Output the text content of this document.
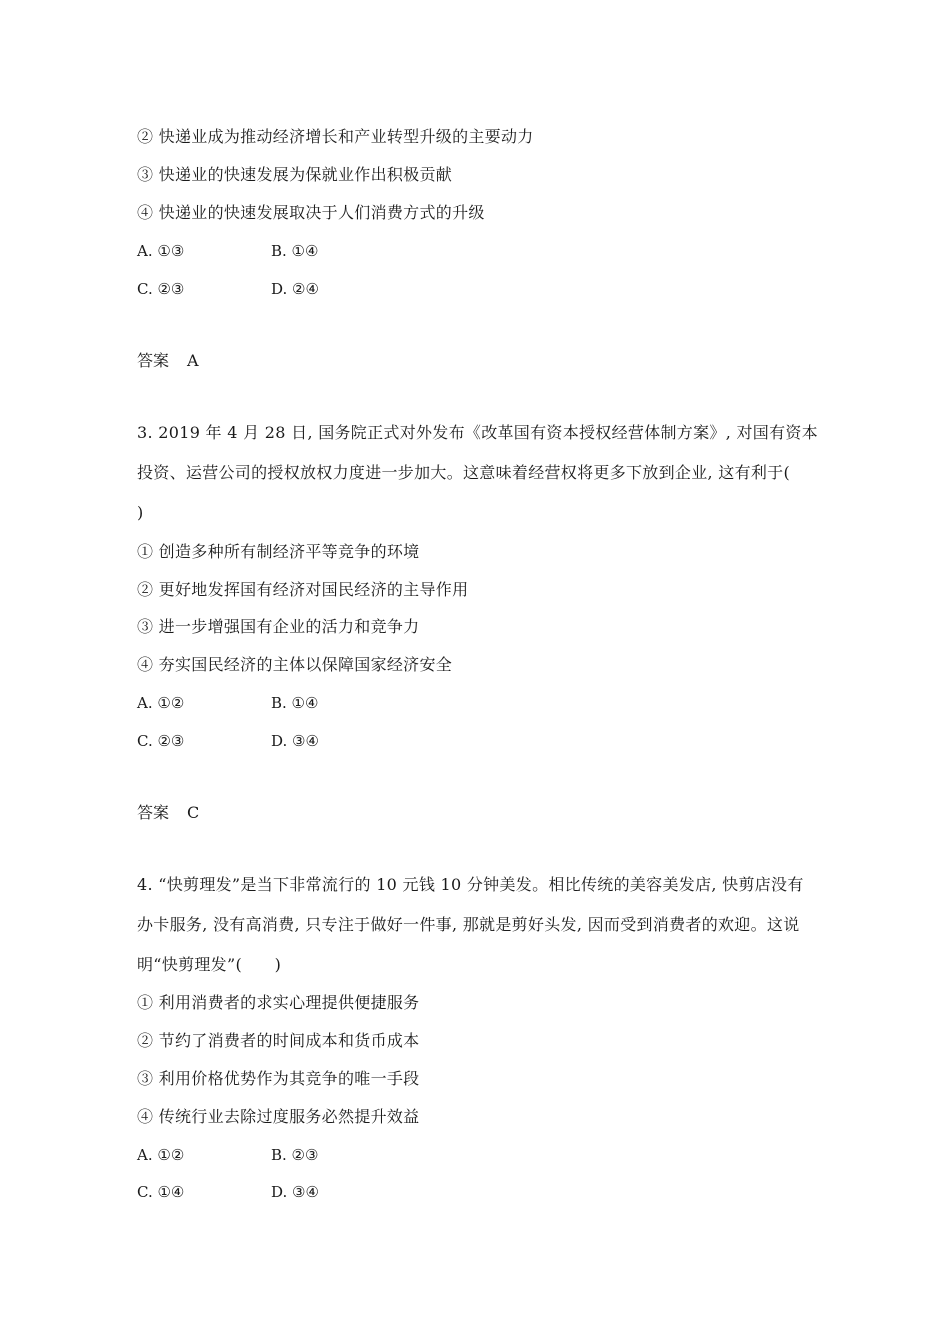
② 快递业成为推动经济增长和产业转型升级的主要动力
③ 快递业的快速发展为保就业作出积极贡献
④ 快递业的快速发展取决于人们消费方式的升级
A. ①③	B. ①④
C. ②③	D. ②④
答案 A
3. 2019 年 4 月 28 日, 国务院正式对外发布《改革国有资本授权经营体制方案》, 对国有资本
投资、运营公司的授权放权力度进一步加大。这意味着经营权将更多下放到企业, 这有利于(
)
① 创造多种所有制经济平等竞争的环境
② 更好地发挥国有经济对国民经济的主导作用
③ 进一步增强国有企业的活力和竞争力
④ 夯实国民经济的主体以保障国家经济安全
A. ①②	B. ①④
C. ②③	D. ③④
答案 C
4. “快剪理发”是当下非常流行的 10 元钱 10 分钟美发。相比传统的美容美发店, 快剪店没有
办卡服务, 没有高消费, 只专注于做好一件事, 那就是剪好头发, 因而受到消费者的欢迎。这说
明“快剪理发”(　　)
① 利用消费者的求实心理提供便捷服务
② 节约了消费者的时间成本和货币成本
③ 利用价格优势作为其竞争的唯一手段
④ 传统行业去除过度服务必然提升效益
A. ①②	B. ②③
C. ①④	D. ③④
